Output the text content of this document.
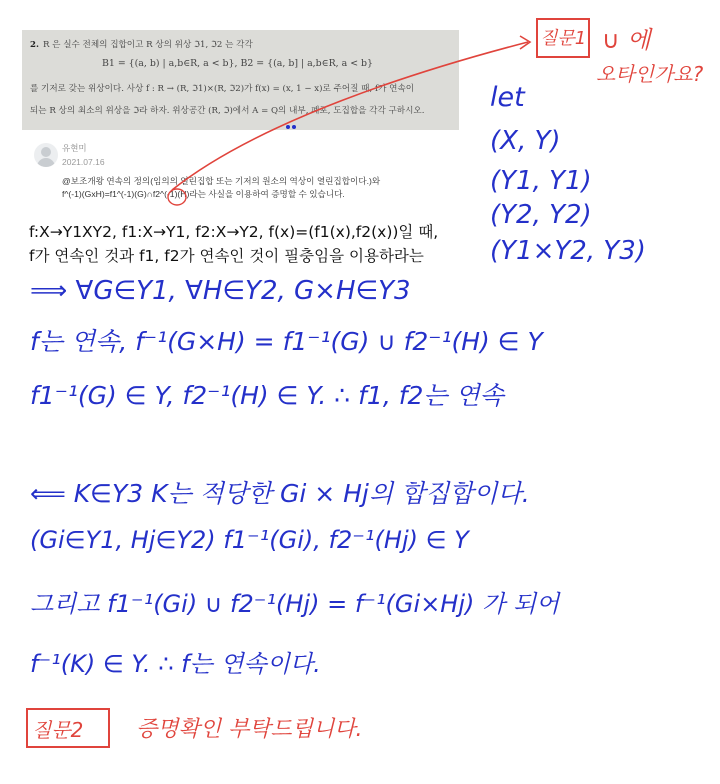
2. R 은 실수 전체의 집합이고 R 상의 위상 ℑ1, ℑ2 는 각각
B1 = {(a, b) | a,b∈R, a < b}, B2 = {(a, b] | a,b∈R, a < b}
를 기저로 갖는 위상이다. 사상 f : R → (R, ℑ1)×(R, ℑ2)가 f(x) = (x, 1 − x)로 주어질 때, f가 연속이
되는 R 상의 최소의 위상을 ℑ라 하자. 위상공간 (R, ℑ)에서 A = Q의 내부, 폐포, 도집합을 각각 구하시오.
유현미
2021.07.16
@보조개왕 연속의 정의(임의의 열린집합 또는 기저의 원소의 역상이 열린집합이다.)와
f^(-1)(GxH)=f1^(-1)(G)∩f2^(-1)(H)라는 사실을 이용하여 증명할 수 있습니다.
f:X→Y1XY2, f1:X→Y1, f2:X→Y2, f(x)=(f1(x),f2(x))일 때,
f가 연속인 것과 f1, f2가 연속인 것이 필충임을 이용하라는
질문1 ∪ 에
오타인가요?
let
(X, Y)
(Y1, Y1)
(Y2, Y2)
(Y1×Y2, Y3)
⟹ ∀G∈Y1, ∀H∈Y2, G×H∈Y3
f는 연속, f⁻¹(G×H) = f1⁻¹(G) ∪ f2⁻¹(H) ∈ Y
f1⁻¹(G) ∈ Y, f2⁻¹(H) ∈ Y. ∴ f1, f2는 연속
⟸ K∈Y3 K는 적당한 Gi × Hj의 합집합이다.
(Gi∈Y1, Hj∈Y2) f1⁻¹(Gi), f2⁻¹(Hj) ∈ Y
그리고 f1⁻¹(Gi) ∪ f2⁻¹(Hj) = f⁻¹(Gi×Hj) 가 되어
f⁻¹(K) ∈ Y. ∴ f는 연속이다.
질문2 증명확인 부탁드립니다.
